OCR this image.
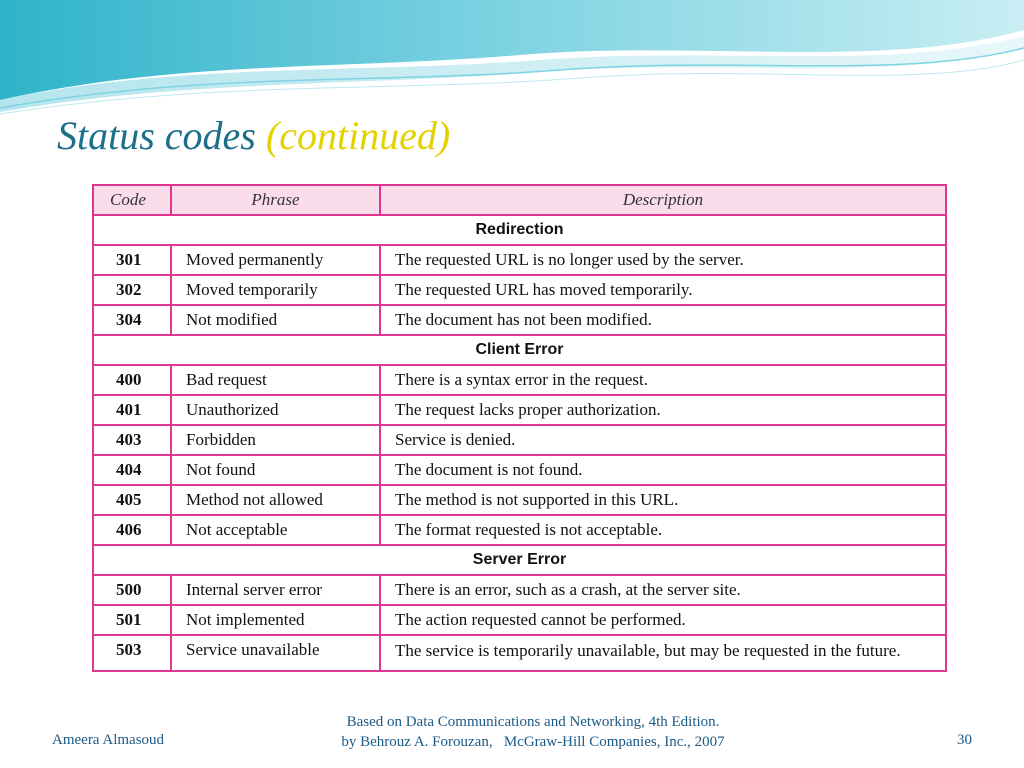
Status codes (continued)
Code	Phrase	Description
Redirection		
301	Moved permanently	The requested URL is no longer used by the server.
302	Moved temporarily	The requested URL has moved temporarily.
304	Not modified	The document has not been modified.
Client Error		
400	Bad request	There is a syntax error in the request.
401	Unauthorized	The request lacks proper authorization.
403	Forbidden	Service is denied.
404	Not found	The document is not found.
405	Method not allowed	The method is not supported in this URL.
406	Not acceptable	The format requested is not acceptable.
Server Error		
500	Internal server error	There is an error, such as a crash, at the server site.
501	Not implemented	The action requested cannot be performed.
503	Service unavailable	The service is temporarily unavailable, but may be requested in the future.

Ameera Almasoud

Based on Data Communications and Networking, 4th Edition.
by Behrouz A. Forouzan,   McGraw-Hill Companies, Inc., 2007	30
